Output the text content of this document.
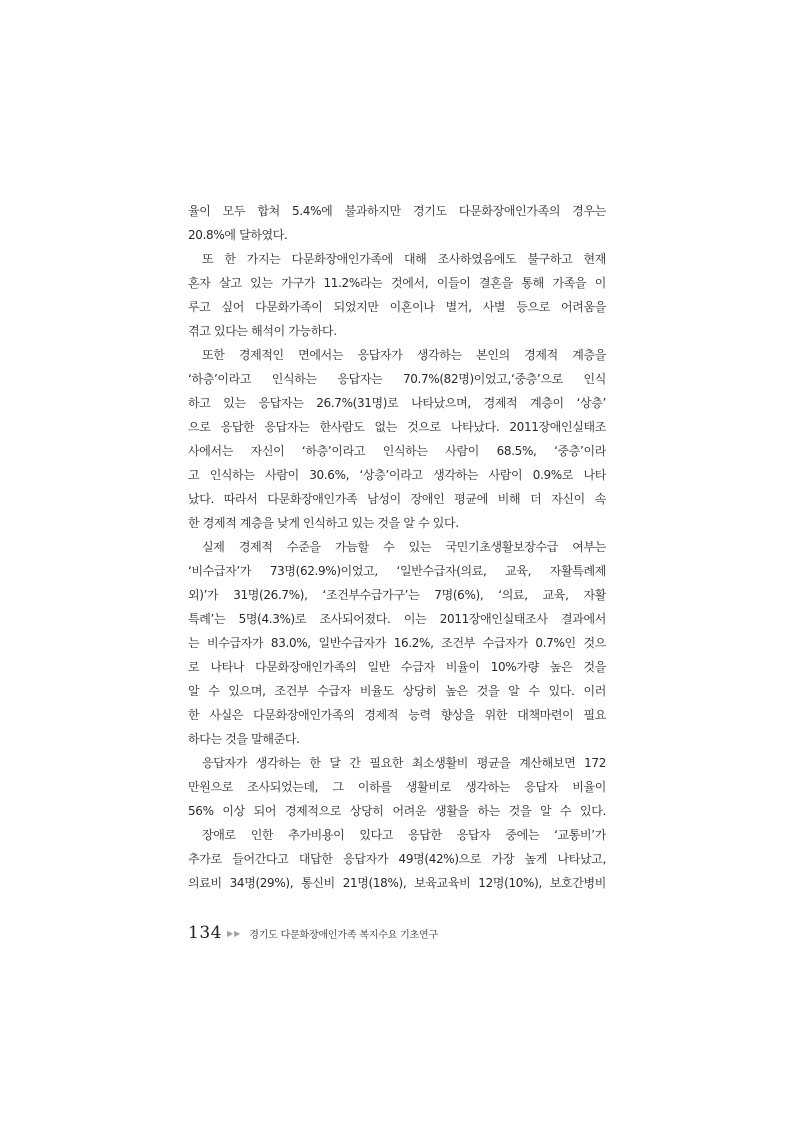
율이 모두 합쳐 5.4%에 불과하지만 경기도 다문화장애인가족의 경우는
20.8%에 달하였다.
또 한 가지는 다문화장애인가족에 대해 조사하였음에도 불구하고 현재
혼자 살고 있는 가구가 11.2%라는 것에서, 이들이 결혼을 통해 가족을 이
루고 싶어 다문화가족이 되었지만 이혼이나 별거, 사별 등으로 어려움을
겪고 있다는 해석이 가능하다.
또한 경제적인 면에서는 응답자가 생각하는 본인의 경제적 계층을
‘하층’이라고 인식하는 응답자는 70.7%(82명)이었고,‘중층’으로 인식
하고 있는 응답자는 26.7%(31명)로 나타났으며, 경제적 계층이 ‘상층’
으로 응답한 응답자는 한사람도 없는 것으로 나타났다. 2011장애인실태조
사에서는 자신이 ‘하층’이라고 인식하는 사람이 68.5%, ‘중층’이라
고 인식하는 사람이 30.6%, ‘상층’이라고 생각하는 사람이 0.9%로 나타
났다. 따라서 다문화장애인가족 남성이 장애인 평균에 비해 더 자신이 속
한 경제적 계층을 낮게 인식하고 있는 것을 알 수 있다.
실제 경제적 수준을 가늠할 수 있는 국민기초생활보장수급 여부는
‘비수급자’가 73명(62.9%)이었고, ‘일반수급자(의료, 교육, 자활특례제
외)’가 31명(26.7%), ‘조건부수급가구’는 7명(6%), ‘의료, 교육, 자활
특례’는 5명(4.3%)로 조사되어졌다. 이는 2011장애인실태조사 결과에서
는 비수급자가 83.0%, 일반수급자가 16.2%, 조건부 수급자가 0.7%인 것으
로 나타나 다문화장애인가족의 일반 수급자 비율이 10%가량 높은 것을
알 수 있으며, 조건부 수급자 비율도 상당히 높은 것을 알 수 있다. 이러
한 사실은 다문화장애인가족의 경제적 능력 향상을 위한 대책마련이 필요
하다는 것을 말해준다.
응답자가 생각하는 한 달 간 필요한 최소생활비 평균을 계산해보면 172
만원으로 조사되었는데, 그 이하를 생활비로 생각하는 응답자 비율이
56% 이상 되어 경제적으로 상당히 어려운 생활을 하는 것을 알 수 있다.
장애로 인한 추가비용이 있다고 응답한 응답자 중에는 ‘교통비’가
추가로 들어간다고 대답한 응답자가 49명(42%)으로 가장 높게 나타났고,
의료비 34명(29%), 통신비 21명(18%), 보육교육비 12명(10%), 보호간병비
134 ▶ ▶ 경기도 다문화장애인가족 복지수요 기초연구
